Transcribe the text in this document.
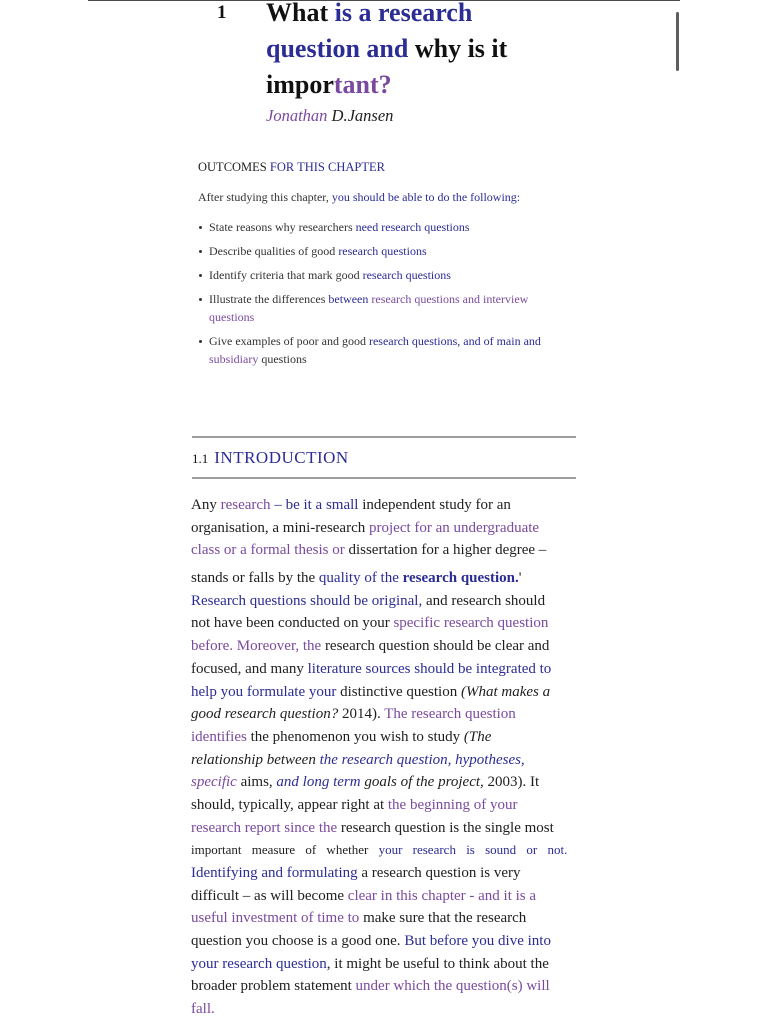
1 What is a research
question and why is it
important?
Jonathan D.Jansen
OUTCOMES FOR THIS CHAPTER
After studying this chapter, you should be able to do the following:
State reasons why researchers need research questions
Describe qualities of good research questions
Identify criteria that mark good research questions
Illustrate the differences between research questions and interview
questions
Give examples of poor and good research questions, and of main and
subsidiary questions
1.1 INTRODUCTION
Any research – be it a small independent study for an
organisation, a mini-research project for an undergraduate
class or a formal thesis or dissertation for a higher degree –
stands or falls by the quality of the research question.'
Research questions should be original, and research should
not have been conducted on your specific research question
before. Moreover, the research question should be clear and
focused, and many literature sources should be integrated to
help you formulate your distinctive question (What makes a
good research question? 2014). The research question
identifies the phenomenon you wish to study (The
relationship between the research question, hypotheses,
specific aims, and long term goals of the project, 2003). It
should, typically, appear right at the beginning of your
research report since the research question is the single most
important measure of whether your research is sound or not.
Identifying and formulating a research question is very
difficult – as will become clear in this chapter - and it is a
useful investment of time to make sure that the research
question you choose is a good one. But before you dive into
your research question, it might be useful to think about the
broader problem statement under which the question(s) will
fall.
